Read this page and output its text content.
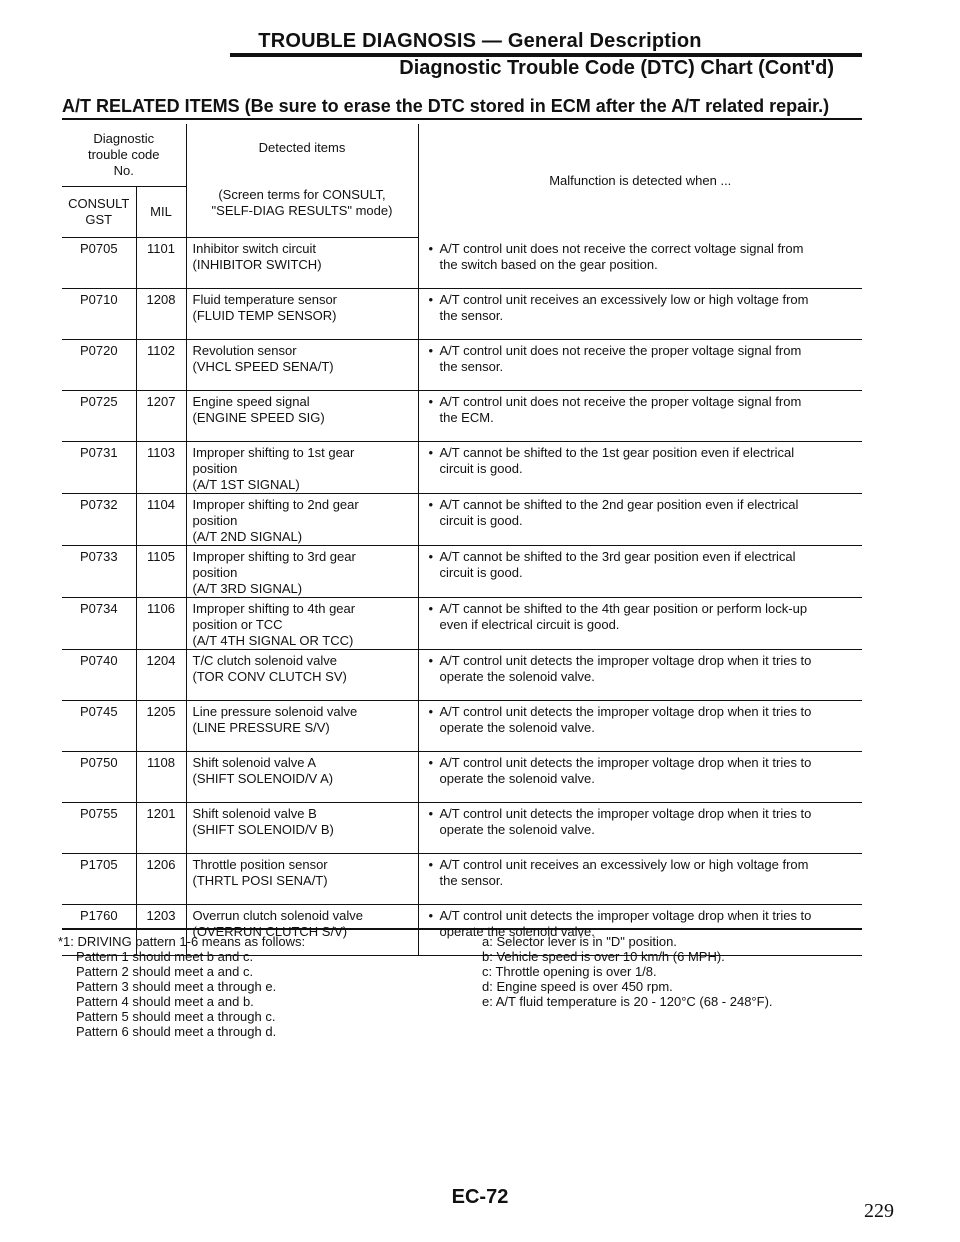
TROUBLE DIAGNOSIS — General Description
Diagnostic Trouble Code (DTC) Chart (Cont'd)
A/T RELATED ITEMS (Be sure to erase the DTC stored in ECM after the A/T related repair.)
Diagnostic
trouble code
No.		Detected items	Malfunction is detected when ...

CONSULT
GST	MIL	(Screen terms for CONSULT,
"SELF-DIAG RESULTS" mode)	

P0705	1101	Inhibitor switch circuit
(INHIBITOR SWITCH)	• A/T control unit does not receive the correct voltage signal from
the switch based on the gear position.

P0710	1208	Fluid temperature sensor
(FLUID TEMP SENSOR)	• A/T control unit receives an excessively low or high voltage from
the sensor.

P0720	1102	Revolution sensor
(VHCL SPEED SENA/T)	• A/T control unit does not receive the proper voltage signal from
the sensor.

P0725	1207	Engine speed signal
(ENGINE SPEED SIG)	• A/T control unit does not receive the proper voltage signal from
the ECM.

P0731	1103	Improper shifting to 1st gear
position
(A/T 1ST SIGNAL)	• A/T cannot be shifted to the 1st gear position even if electrical
circuit is good.

P0732	1104	Improper shifting to 2nd gear
position
(A/T 2ND SIGNAL)	• A/T cannot be shifted to the 2nd gear position even if electrical
circuit is good.

P0733	1105	Improper shifting to 3rd gear
position
(A/T 3RD SIGNAL)	• A/T cannot be shifted to the 3rd gear position even if electrical
circuit is good.

P0734	1106	Improper shifting to 4th gear
position or TCC
(A/T 4TH SIGNAL OR TCC)	• A/T cannot be shifted to the 4th gear position or perform lock-up
even if electrical circuit is good.

P0740	1204	T/C clutch solenoid valve
(TOR CONV CLUTCH SV)	• A/T control unit detects the improper voltage drop when it tries to
operate the solenoid valve.

P0745	1205	Line pressure solenoid valve
(LINE PRESSURE S/V)	• A/T control unit detects the improper voltage drop when it tries to
operate the solenoid valve.

P0750	1108	Shift solenoid valve A
(SHIFT SOLENOID/V A)	• A/T control unit detects the improper voltage drop when it tries to
operate the solenoid valve.

P0755	1201	Shift solenoid valve B
(SHIFT SOLENOID/V B)	• A/T control unit detects the improper voltage drop when it tries to
operate the solenoid valve.

P1705	1206	Throttle position sensor
(THRTL POSI SENA/T)	• A/T control unit receives an excessively low or high voltage from
the sensor.

P1760	1203	Overrun clutch solenoid valve
(OVERRUN CLUTCH S/V)	• A/T control unit detects the improper voltage drop when it tries to
operate the solenoid valve.
*1: DRIVING pattern 1-6 means as follows:
Pattern 1 should meet b and c.
Pattern 2 should meet a and c.
Pattern 3 should meet a through e.
Pattern 4 should meet a and b.
Pattern 5 should meet a through c.
Pattern 6 should meet a through d.
a: Selector lever is in "D" position.
b: Vehicle speed is over 10 km/h (6 MPH).
c: Throttle opening is over 1/8.
d: Engine speed is over 450 rpm.
e: A/T fluid temperature is 20 - 120°C (68 - 248°F).
EC-72
229
